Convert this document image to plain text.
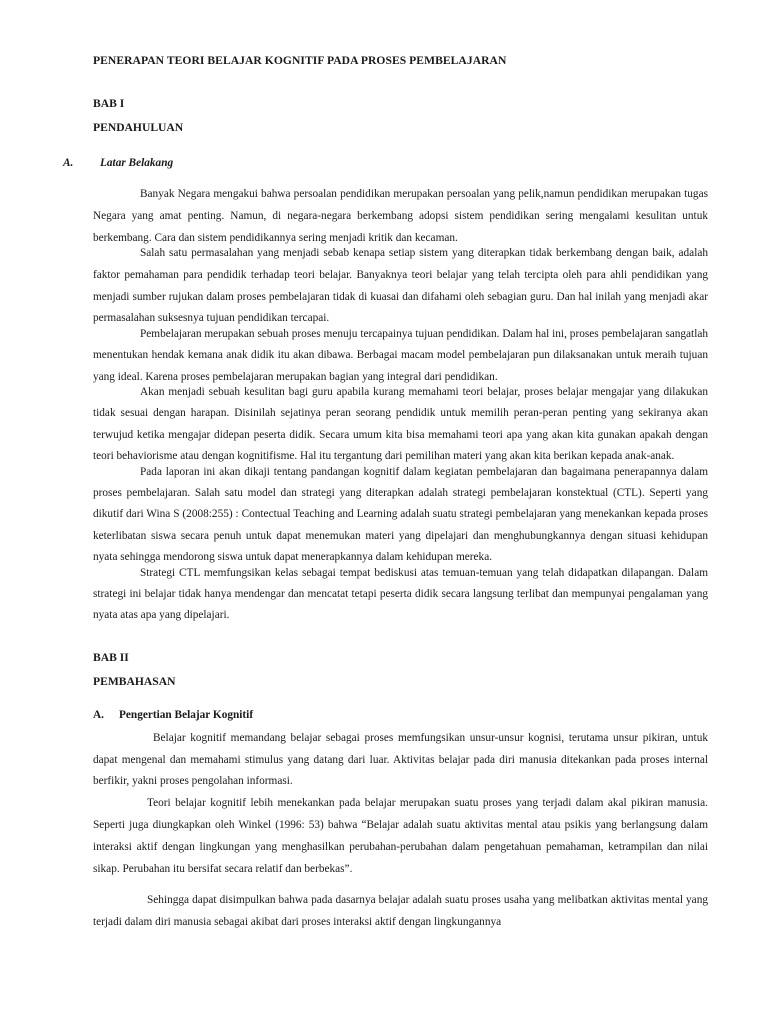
PENERAPAN TEORI BELAJAR KOGNITIF PADA PROSES PEMBELAJARAN
BAB I
PENDAHULUAN
A.	Latar Belakang

Banyak Negara mengakui bahwa persoalan pendidikan merupakan persoalan yang pelik,namun pendidikan merupakan tugas Negara yang amat penting. Namun, di negara-negara berkembang adopsi sistem pendidikan sering mengalami kesulitan untuk berkembang. Cara dan sistem pendidikannya sering menjadi kritik dan kecaman.

Salah satu permasalahan yang menjadi sebab kenapa setiap sistem yang diterapkan tidak berkembang dengan baik, adalah faktor pemahaman para pendidik terhadap teori belajar. Banyaknya teori belajar yang telah tercipta oleh para ahli pendidikan yang menjadi sumber rujukan dalam proses pembelajaran tidak di kuasai dan difahami oleh sebagian guru. Dan hal inilah yang menjadi akar permasalahan suksesnya tujuan pendidikan tercapai.

Pembelajaran merupakan sebuah proses menuju tercapainya tujuan pendidikan. Dalam hal ini, proses pembelajaran sangatlah menentukan hendak kemana anak didik itu akan dibawa. Berbagai macam model pembelajaran pun dilaksanakan untuk meraih tujuan yang ideal. Karena proses pembelajaran merupakan bagian yang integral dari pendidikan.

Akan menjadi sebuah kesulitan bagi guru apabila kurang memahami teori belajar, proses belajar mengajar yang dilakukan tidak sesuai dengan harapan. Disinilah sejatinya peran seorang pendidik untuk memilih peran-peran penting yang sekiranya akan terwujud ketika mengajar didepan peserta didik. Secara umum kita bisa memahami teori apa yang akan kita gunakan apakah dengan teori behaviorisme atau dengan kognitifisme. Hal itu tergantung dari pemilihan materi yang akan kita berikan kepada anak-anak.

Pada laporan ini akan dikaji tentang pandangan kognitif dalam kegiatan pembelajaran dan bagaimana penerapannya dalam proses pembelajaran. Salah satu model dan strategi yang diterapkan adalah strategi pembelajaran konstektual (CTL). Seperti yang dikutif dari Wina S (2008:255) : Contectual Teaching and Learning adalah suatu strategi pembelajaran yang menekankan kepada proses keterlibatan siswa secara penuh untuk dapat menemukan materi yang dipelajari dan menghubungkannya dengan situasi kehidupan nyata sehingga mendorong siswa untuk dapat menerapkannya dalam kehidupan mereka.

Strategi CTL memfungsikan kelas sebagai tempat bediskusi atas temuan-temuan yang telah didapatkan dilapangan. Dalam strategi ini belajar tidak hanya mendengar dan mencatat tetapi peserta didik secara langsung terlibat dan mempunyai pengalaman yang nyata atas apa yang dipelajari.

BAB II
PEMBAHASAN
A.	Pengertian Belajar Kognitif

Belajar kognitif memandang belajar sebagai proses memfungsikan unsur-unsur kognisi, terutama unsur pikiran, untuk dapat mengenal dan memahami stimulus yang datang dari luar. Aktivitas belajar pada diri manusia ditekankan pada proses internal berfikir, yakni proses pengolahan informasi.

Teori belajar kognitif lebih menekankan pada belajar merupakan suatu proses yang terjadi dalam akal pikiran manusia. Seperti juga diungkapkan oleh Winkel (1996: 53) bahwa “Belajar adalah suatu aktivitas mental atau psikis yang berlangsung dalam interaksi aktif dengan lingkungan yang menghasilkan perubahan-perubahan dalam pengetahuan pemahaman, ketrampilan dan nilai sikap. Perubahan itu bersifat secara relatif dan berbekas”.

Sehingga dapat disimpulkan bahwa pada dasarnya belajar adalah suatu proses usaha yang melibatkan aktivitas mental yang terjadi dalam diri manusia sebagai akibat dari proses interaksi aktif dengan lingkungannya
